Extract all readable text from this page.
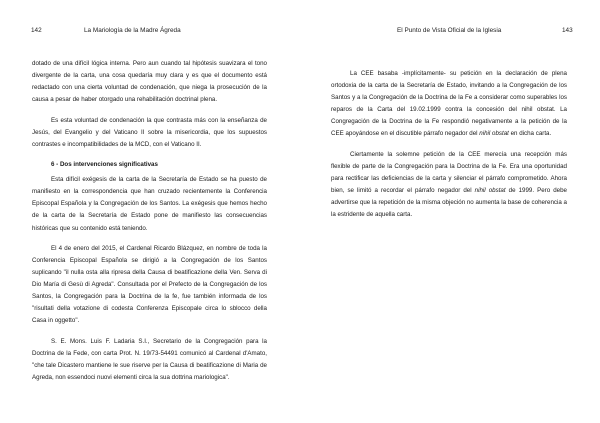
142	La Mariología de la Madre Ágreda

dotado de una difícil lógica interna. Pero aun cuando tal hipótesis suavizara el tono divergente de la carta, una cosa quedaría muy clara y es que el documento está redactado con una cierta voluntad de condenación, que niega la prosecución de la causa a pesar de haber otorgado una rehabilitación doctrinal plena.

Es esta voluntad de condenación la que contrasta más con la enseñanza de Jesús, del Evangelio y del Vaticano II sobre la misericordia, que los supuestos contrastes e incompatibilidades de la MCD, con el Vaticano II.

6 - Dos intervenciones significativas

Esta difícil exégesis de la carta de la Secretaría de Estado se ha puesto de manifiesto en la correspondencia que han cruzado recientemente la Conferencia Episcopal Española y la Congregación de los Santos. La exégesis que hemos hecho de la carta de la Secretaría de Estado pone de manifiesto las consecuencias históricas que su contenido está teniendo.

El 4 de enero del 2015, el Cardenal Ricardo Blázquez, en nombre de toda la Conferencia Episcopal Española se dirigió a la Congregación de los Santos suplicando "il nulla osta alla ripresa della Causa di beatificazione della Ven. Serva di Dio María di Gesù di Agreda". Consultada por el Prefecto de la Congregación de los Santos, la Congregación para la Doctrina de la fe, fue también informada de los "risultati della votazione di codesta Conferenza Episcopale circa lo sblocco della Casa in oggetto".

S. E. Mons. Luis F. Ladaria S.I., Secretario de la Congregación para la Doctrina de la Fede, con carta Prot. N. 19/73-54491 comunicó al Cardenal d'Amato, "che tale Dicastero mantiene le sue riserve per la Causa di beatificazione di Maria de Agreda, non essendoci nuovi elementi circa la sua dottrina mariologica".

El Punto de Vista Oficial de la Iglesia	143

La CEE basaba -implícitamente- su petición en la declaración de plena ortodoxia de la carta de la Secretaría de Estado, invitando a la Congregación de los Santos y a la Congregación de la Doctrina de la Fe a considerar como superables los reparos de la Carta del 19.02.1999 contra la concesión del nihil obstat. La Congregación de la Doctrina de la Fe respondió negativamente a la petición de la CEE apoyándose en el discutible párrafo negador del nihil obstat en dicha carta.

Ciertamente la solemne petición de la CEE merecía una recepción más flexible de parte de la Congregación para la Doctrina de la Fe. Era una oportunidad para rectificar las deficiencias de la carta y silenciar el párrafo comprometido. Ahora bien, se limitó a recordar el párrafo negador del nihil obstat de 1999. Pero debe advertirse que la repetición de la misma objeción no aumenta la base de coherencia a la estridente de aquella carta.
